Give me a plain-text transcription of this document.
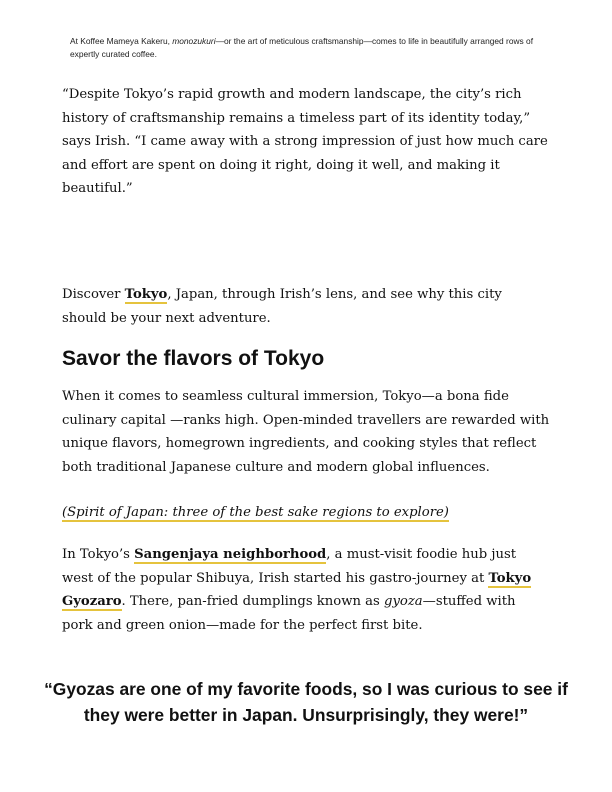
At Koffee Mameya Kakeru, monozukuri—or the art of meticulous craftsmanship—comes to life in beautifully arranged rows of expertly curated coffee.

“Despite Tokyo’s rapid growth and modern landscape, the city’s rich history of craftsmanship remains a timeless part of its identity today,” says Irish. “I came away with a strong impression of just how much care and effort are spent on doing it right, doing it well, and making it beautiful.”

Discover Tokyo, Japan, through Irish’s lens, and see why this city should be your next adventure.

Savor the flavors of Tokyo

When it comes to seamless cultural immersion, Tokyo—a bona fide culinary capital —ranks high. Open-minded travellers are rewarded with unique flavors, homegrown ingredients, and cooking styles that reflect both traditional Japanese culture and modern global influences.

(Spirit of Japan: three of the best sake regions to explore)

In Tokyo’s Sangenjaya neighborhood, a must-visit foodie hub just west of the popular Shibuya, Irish started his gastro-journey at Tokyo Gyozaro. There, pan-fried dumplings known as gyoza—stuffed with pork and green onion—made for the perfect first bite.

“Gyozas are one of my favorite foods, so I was curious to see if they were better in Japan. Unsurprisingly, they were!”
